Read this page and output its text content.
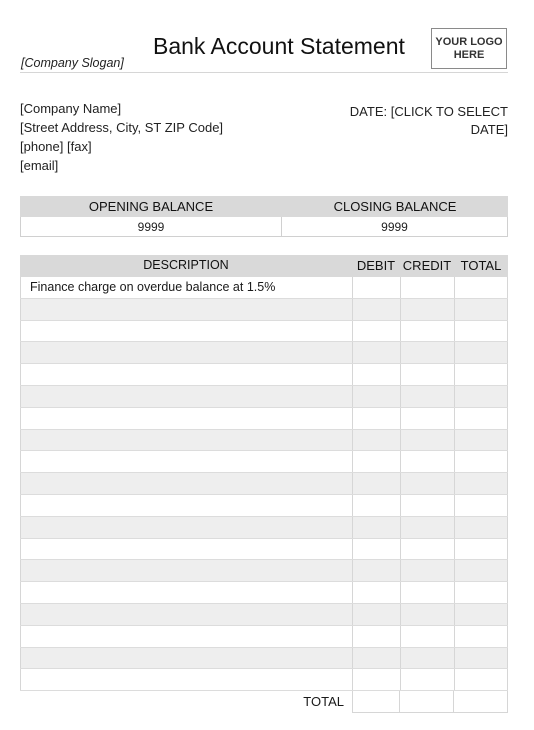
Bank Account Statement
[Company Slogan]
YOUR LOGO
HERE
[Company Name]
[Street Address, City, ST ZIP Code]
[phone] [fax]
[email]
DATE: [CLICK TO SELECT
DATE]
OPENING BALANCE	CLOSING BALANCE
9999	9999
DESCRIPTION	DEBIT CREDIT TOTAL
Finance charge on overdue balance at 1.5%
TOTAL
